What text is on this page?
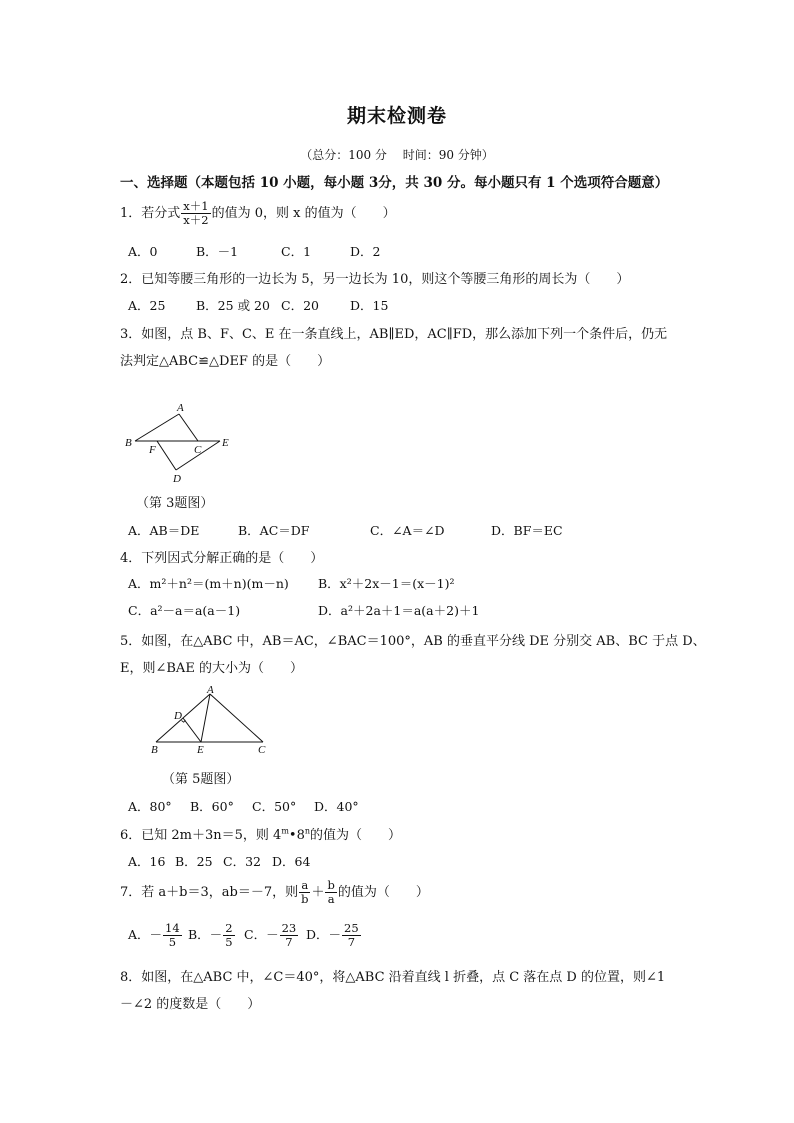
期末检测卷
（总分：100 分　 时间：90 分钟）
一、选择题（本题包括 10 小题，每小题 3分，共 30 分。每小题只有 1 个选项符合题意）
1．若分式 $\frac{x+1}{x+2}$ 的值为 0，则 x 的值为（　　）
A．0	B．－1	C．1	D．2
2．已知等腰三角形的一边长为 5，另一边长为 10，则这个等腰三角形的周长为（　　）
A．25 B．25 或 20 C．20 D．15
3．如图，点 B、F、C、E 在一条直线上，AB∥ED，AC∥FD，那么添加下列一个条件后，仍无
法判定△ABC≌△DEF 的是（　　）
A
B
F	C
E
D
（第 3题图）
A．AB＝DE	B．AC＝DF	C．∠A＝∠D	D．BF＝EC
4．下列因式分解正确的是（　　）
A．m²＋n²＝(m＋n)(m－n) B．x²＋2x－1＝(x－1)²
C．a²－a＝a(a－1)	D．a²＋2a＋1＝a(a＋2)＋1
5．如图，在△ABC 中，AB＝AC，∠BAC＝100°，AB 的垂直平分线 DE 分别交 AB、BC 于点 D、
E，则∠BAE 的大小为（　　）
A
D
B	E	C
（第 5题图）
A．80° B．60° C．50° D．40°
6．已知 2m＋3n＝5，则 4$^m$•8$^n$的值为（　　）
A．16 B．25 C．32 D．64
7．若 a＋b＝3，ab＝－7，则 $\frac{a}{b} + \frac{b}{a}$ 的值为（　　）
A．－ $\frac{14}{5}$ B．－ $\frac{2}{5}$ C．－ $\frac{23}{7}$ D．－ $\frac{25}{7}$
8．如图，在△ABC 中，∠C＝40°，将△ABC 沿着直线 l 折叠，点 C 落在点 D 的位置，则∠1
－∠2 的度数是（　　）
